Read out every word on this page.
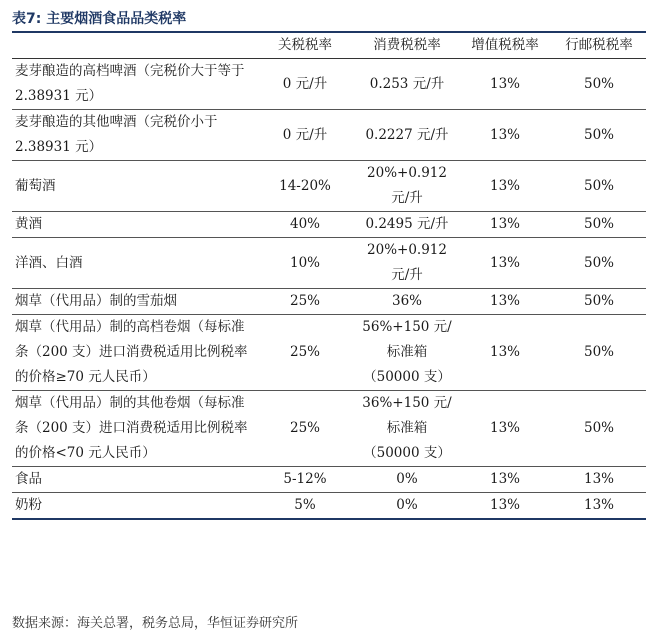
表7: 主要烟酒食品品类税率
	关税税率	消费税税率	增值税税率	行邮税税率
麦芽酿造的高档啤酒（完税价大于等于 2.38931 元）	0 元/升	0.253 元/升	13%	50%
麦芽酿造的其他啤酒（完税价小于 2.38931 元）	0 元/升	0.2227 元/升	13%	50%
葡萄酒	14-20%	20%+0.912 元/升	13%	50%
黄酒	40%	0.2495 元/升	13%	50%
洋酒、白酒	10%	20%+0.912 元/升	13%	50%
烟草（代用品）制的雪茄烟	25%	36%	13%	50%
烟草（代用品）制的高档卷烟（每标准条（200 支）进口消费税适用比例税率的价格≥70 元人民币）	25%	56%+150 元/标准箱（50000 支）	13%	50%
烟草（代用品）制的其他卷烟（每标准条（200 支）进口消费税适用比例税率的价格<70 元人民币）	25%	36%+150 元/标准箱（50000 支）	13%	50%
食品	5-12%	0%	13%	13%
奶粉	5%	0%	13%	13%
数据来源：海关总署，税务总局，华恒证券研究所
